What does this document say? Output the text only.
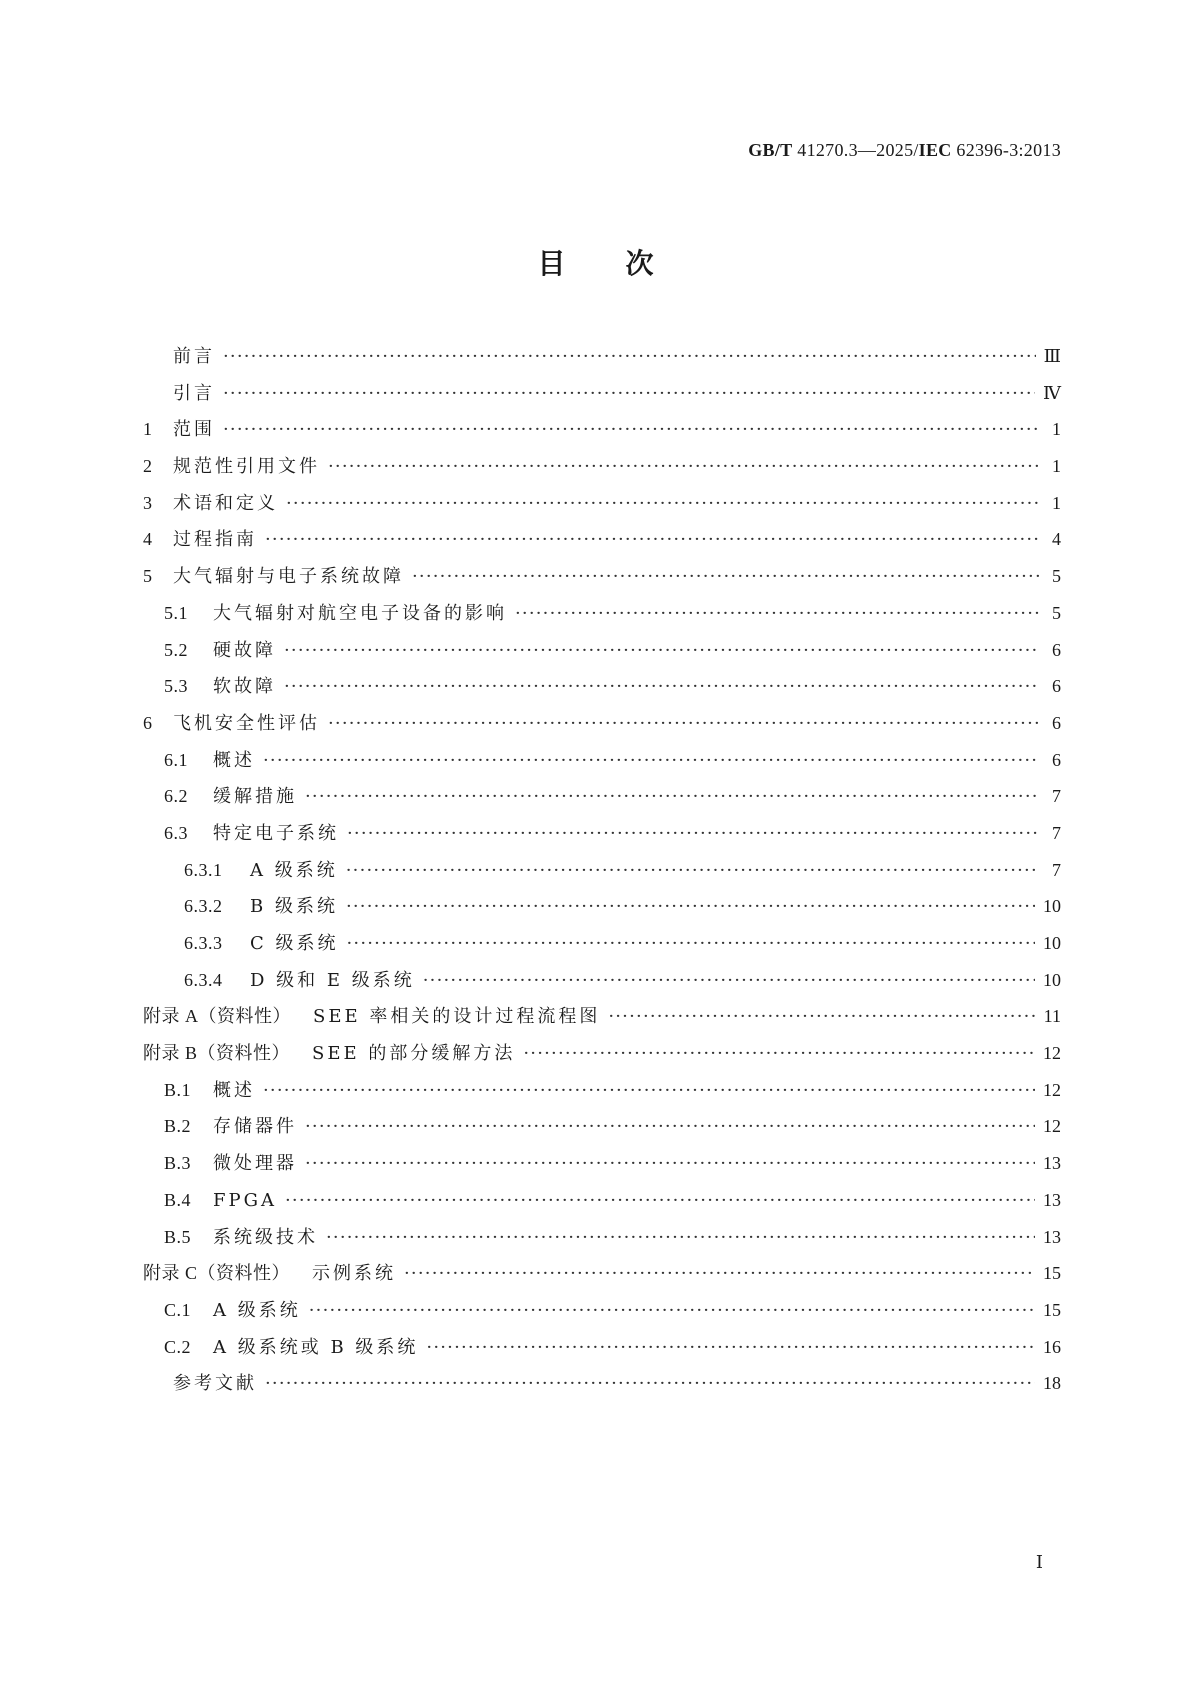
GB/T 41270.3—2025/IEC 62396-3:2013
目次
前言 ·····	Ⅲ
引言 ·····	Ⅳ
1	范围 ·····	1
2	规范性引用文件 ·····	1
3	术语和定义 ·····	1
4	过程指南 ·····	4
5	大气辐射与电子系统故障 ·····	5
5.1	大气辐射对航空电子设备的影响 ·····	5
5.2	硬故障 ·····	6
5.3	软故障 ·····	6
6	飞机安全性评估 ·····	6
6.1	概述 ·····	6
6.2	缓解措施 ·····	7
6.3	特定电子系统 ·····	7
6.3.1	A 级系统 ·····	7
6.3.2	B 级系统 ·····	10
6.3.3	C 级系统 ·····	10
6.3.4	D 级和 E 级系统 ·····	10
附录 A（资料性） SEE 率相关的设计过程流程图 ·····	11
附录 B（资料性） SEE 的部分缓解方法 ·····	12
B.1	概述 ·····	12
B.2	存储器件 ·····	12
B.3	微处理器 ·····	13
B.4	FPGA ·····	13
B.5	系统级技术 ·····	13
附录 C（资料性） 示例系统 ·····	15
C.1	A 级系统 ·····	15
C.2	A 级系统或 B 级系统 ·····	16
参考文献 ·····	18
Ⅰ
